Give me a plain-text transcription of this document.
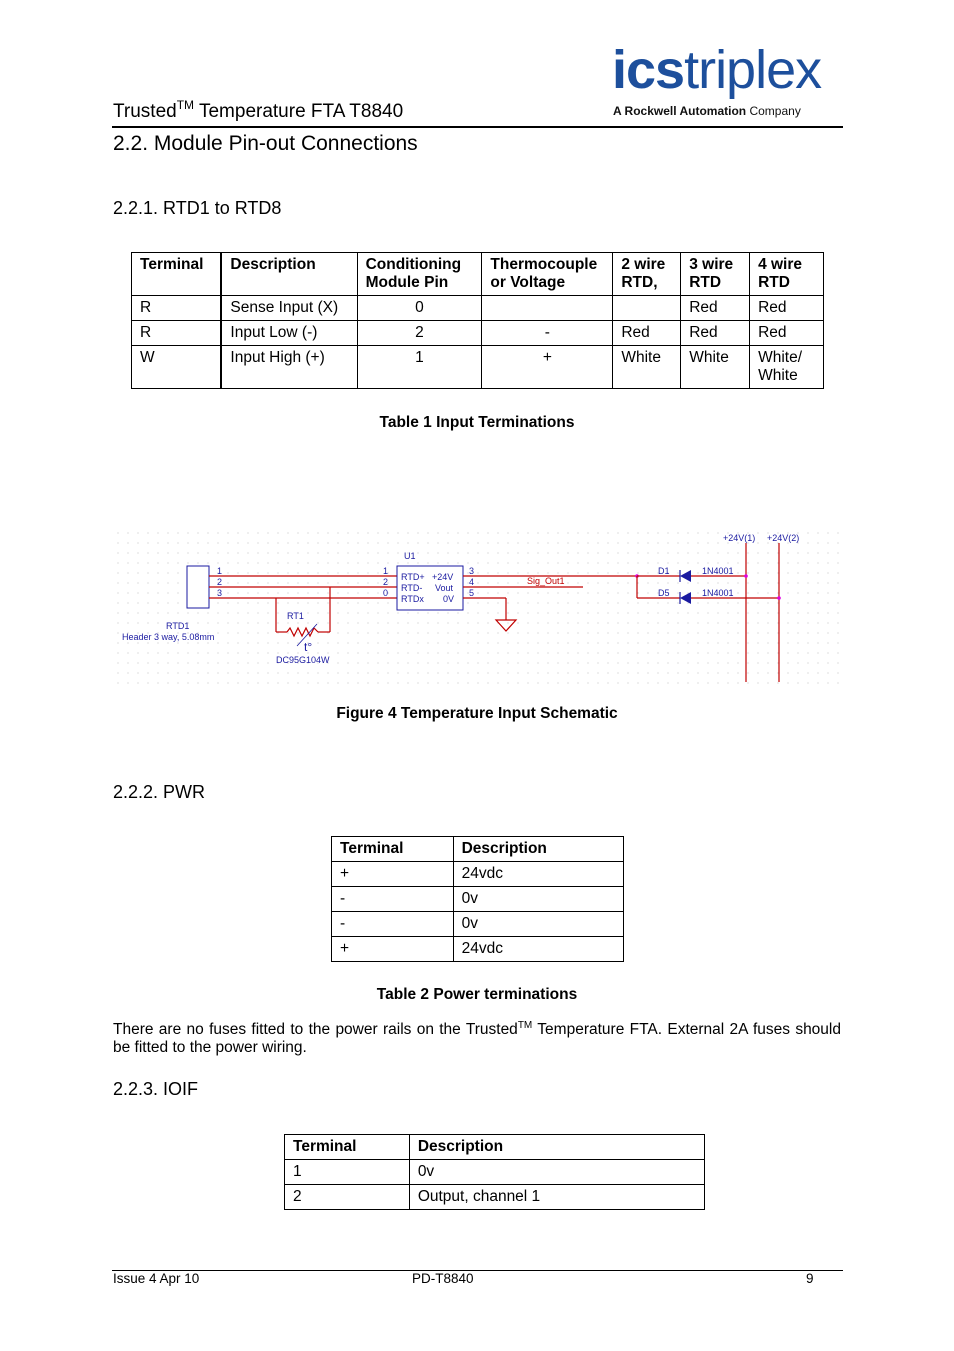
Trusted™ Temperature FTA T8840
icstriplex
A Rockwell Automation Company
2.2. Module Pin-out Connections
2.2.1. RTD1 to RTD8
Terminal	Description	Conditioning Module Pin	Thermocouple or Voltage	2 wire RTD,	3 wire RTD	4 wire RTD
R	Sense Input (X)	0			Red	Red
R	Input Low (-)	2	-	Red	Red	Red
W	Input High (+)	1	+	White	White	White/ White
Table 1 Input Terminations
1
2
3
RTD1
Header 3 way, 5.08mm
RT1
t°
DC95G104W
U1
1
2
0
RTD+
RTD-
RTDx
+24V
Vout
0V
3
4
5
Sig_Out1
D1
D5
1N4001
1N4001
+24V(1) +24V(2)
Figure 4 Temperature Input Schematic
2.2.2. PWR
Terminal	Description
+	24vdc
-	0v
-	0v
+	24vdc
Table 2 Power terminations
There are no fuses fitted to the power rails on the Trusted™ Temperature FTA. External 2A fuses should be fitted to the power wiring.
2.2.3. IOIF
Terminal	Description
1	0v
2	Output, channel 1
Issue 4 Apr 10	PD-T8840	9
